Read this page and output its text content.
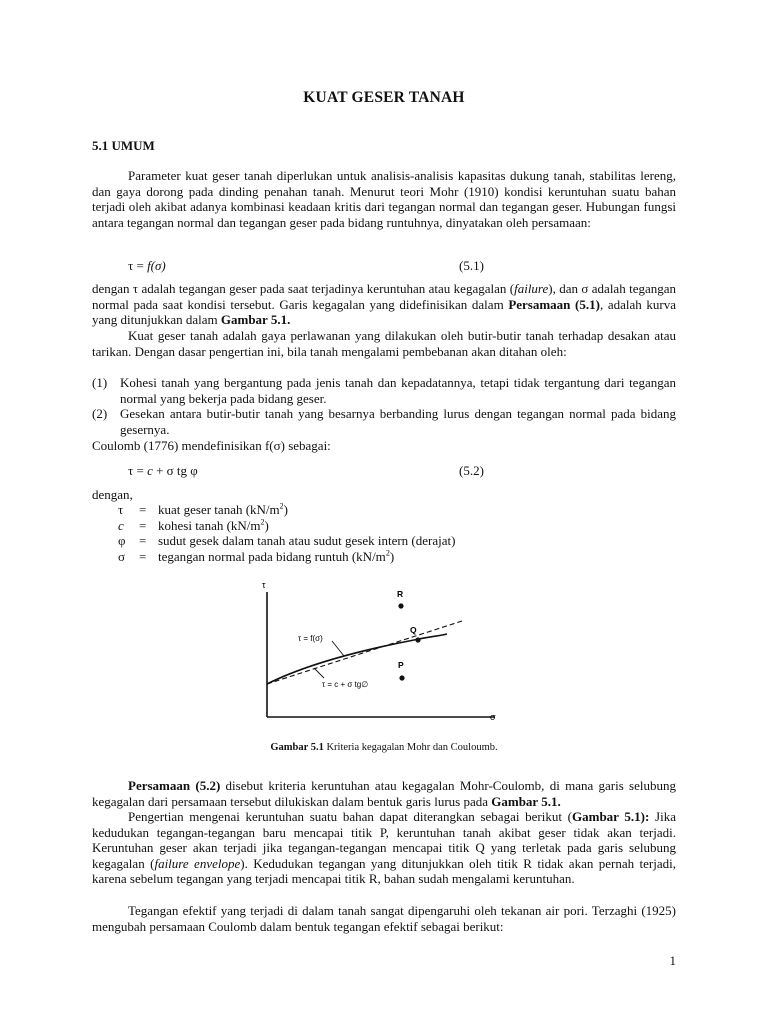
KUAT GESER TANAH
5.1 UMUM

Parameter kuat geser tanah diperlukan untuk analisis-analisis kapasitas dukung tanah, stabilitas lereng, dan gaya dorong pada dinding penahan tanah. Menurut teori Mohr (1910) kondisi keruntuhan suatu bahan terjadi oleh akibat adanya kombinasi keadaan kritis dari tegangan normal dan tegangan geser. Hubungan fungsi antara tegangan normal dan tegangan geser pada bidang runtuhnya, dinyatakan oleh persamaan:

τ = f(σ)	(5.1)

dengan τ adalah tegangan geser pada saat terjadinya keruntuhan atau kegagalan (failure), dan σ adalah tegangan normal pada saat kondisi tersebut. Garis kegagalan yang didefinisikan dalam Persamaan (5.1), adalah kurva yang ditunjukkan dalam Gambar 5.1.

Kuat geser tanah adalah gaya perlawanan yang dilakukan oleh butir-butir tanah terhadap desakan atau tarikan. Dengan dasar pengertian ini, bila tanah mengalami pembebanan akan ditahan oleh:

(1) Kohesi tanah yang bergantung pada jenis tanah dan kepadatannya, tetapi tidak tergantung dari tegangan normal yang bekerja pada bidang geser.
(2) Gesekan antara butir-butir tanah yang besarnya berbanding lurus dengan tegangan normal pada bidang gesernya.

Coulomb (1776) mendefinisikan f(σ) sebagai:

τ = c + σ tg φ	(5.2)

dengan,

τ = kuat geser tanah $(kN/m^2)$
c = kohesi tanah $(kN/m^2)$
φ = sudut gesek dalam tanah atau sudut gesek intern (derajat)
σ = tegangan normal pada bidang runtuh $(kN/m^2)$
τ
σ
R
Q
P
τ = f(σ)
τ = c + σ tg∅
Gambar 5.1 Kriteria kegagalan Mohr dan Couloumb.

Persamaan (5.2) disebut kriteria keruntuhan atau kegagalan Mohr-Coulomb, di mana garis selubung kegagalan dari persamaan tersebut dilukiskan dalam bentuk garis lurus pada Gambar 5.1.

Pengertian mengenai keruntuhan suatu bahan dapat diterangkan sebagai berikut (Gambar 5.1): Jika kedudukan tegangan-tegangan baru mencapai titik P, keruntuhan tanah akibat geser tidak akan terjadi. Keruntuhan geser akan terjadi jika tegangan-tegangan mencapai titik Q yang terletak pada garis selubung kegagalan (failure envelope). Kedudukan tegangan yang ditunjukkan oleh titik R tidak akan pernah terjadi, karena sebelum tegangan yang terjadi mencapai titik R, bahan sudah mengalami keruntuhan.

Tegangan efektif yang terjadi di dalam tanah sangat dipengaruhi oleh tekanan air pori. Terzaghi (1925) mengubah persamaan Coulomb dalam bentuk tegangan efektif sebagai berikut:

1
